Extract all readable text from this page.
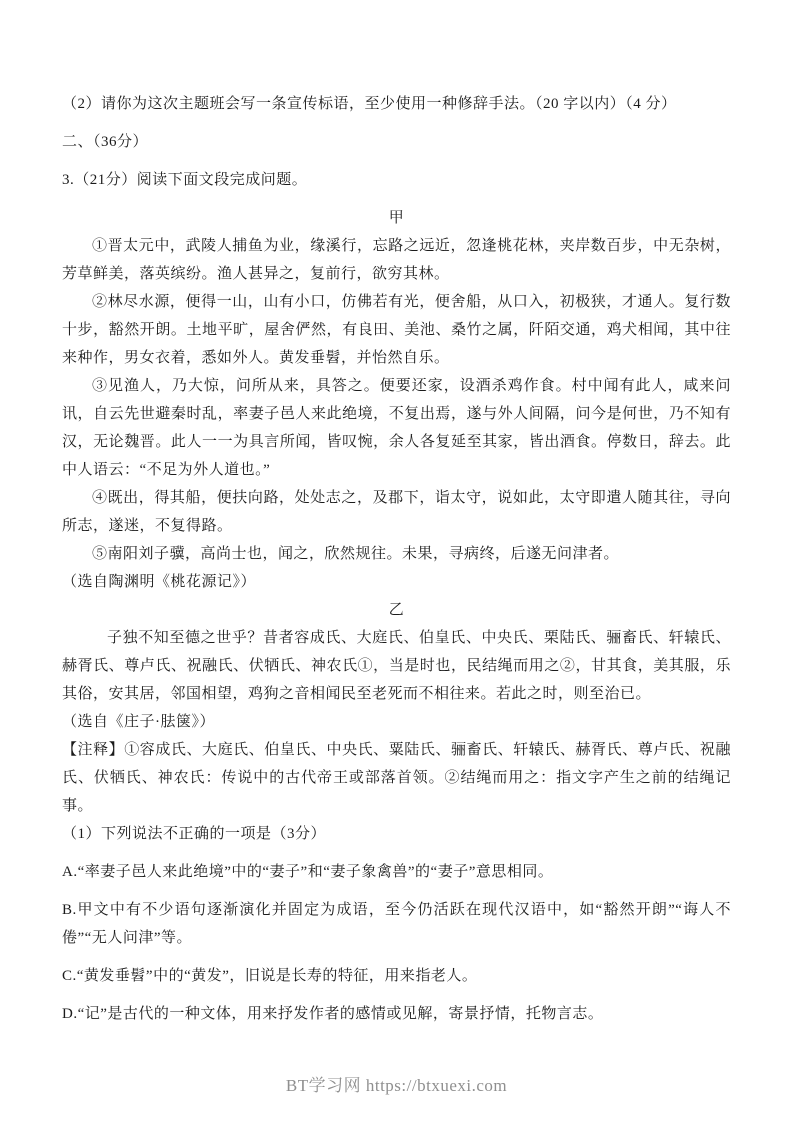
（2）请你为这次主题班会写一条宣传标语，至少使用一种修辞手法。（20 字以内）（4 分）

二、（36分）

3.（21分）阅读下面文段完成问题。

甲

①晋太元中，武陵人捕鱼为业，缘溪行，忘路之远近，忽逢桃花林，夹岸数百步，中无杂树，芳草鲜美，落英缤纷。渔人甚异之，复前行，欲穷其林。

②林尽水源，便得一山，山有小口，仿佛若有光，便舍船，从口入，初极狭，才通人。复行数十步，豁然开朗。土地平旷，屋舍俨然，有良田、美池、桑竹之属，阡陌交通，鸡犬相闻，其中往来种作，男女衣着，悉如外人。黄发垂髫，并怡然自乐。

③见渔人，乃大惊，问所从来，具答之。便要还家，设酒杀鸡作食。村中闻有此人，咸来问讯，自云先世避秦时乱，率妻子邑人来此绝境，不复出焉，遂与外人间隔，问今是何世，乃不知有汉，无论魏晋。此人一一为具言所闻，皆叹惋，余人各复延至其家，皆出酒食。停数日，辞去。此中人语云：“不足为外人道也。”

④既出，得其船，便扶向路，处处志之，及郡下，诣太守，说如此，太守即遣人随其往，寻向所志，遂迷，不复得路。

⑤南阳刘子骥，高尚士也，闻之，欣然规往。未果，寻病终，后遂无问津者。

（选自陶渊明《桃花源记》）

乙

子独不知至德之世乎？昔者容成氏、大庭氏、伯皇氏、中央氏、栗陆氏、骊畜氏、轩辕氏、赫胥氏、尊卢氏、祝融氏、伏牺氏、神农氏①，当是时也，民结绳而用之②，甘其食，美其服，乐其俗，安其居，邻国相望，鸡狗之音相闻民至老死而不相往来。若此之时，则至治已。

（选自《庄子·胠箧》）

【注释】①容成氏、大庭氏、伯皇氏、中央氏、粟陆氏、骊畜氏、轩辕氏、赫胥氏、尊卢氏、祝融氏、伏牺氏、神农氏：传说中的古代帝王或部落首领。②结绳而用之：指文字产生之前的结绳记事。

（1）下列说法不正确的一项是（3分）

A.“率妻子邑人来此绝境”中的“妻子”和“妻子象禽兽”的“妻子”意思相同。

B.甲文中有不少语句逐渐演化并固定为成语，至今仍活跃在现代汉语中，如“豁然开朗”“诲人不倦”“无人问津”等。

C.“黄发垂髫”中的“黄发”，旧说是长寿的特征，用来指老人。

D.“记”是古代的一种文体，用来抒发作者的感情或见解，寄景抒情，托物言志。

BT学习网 https://btxuexi.com
